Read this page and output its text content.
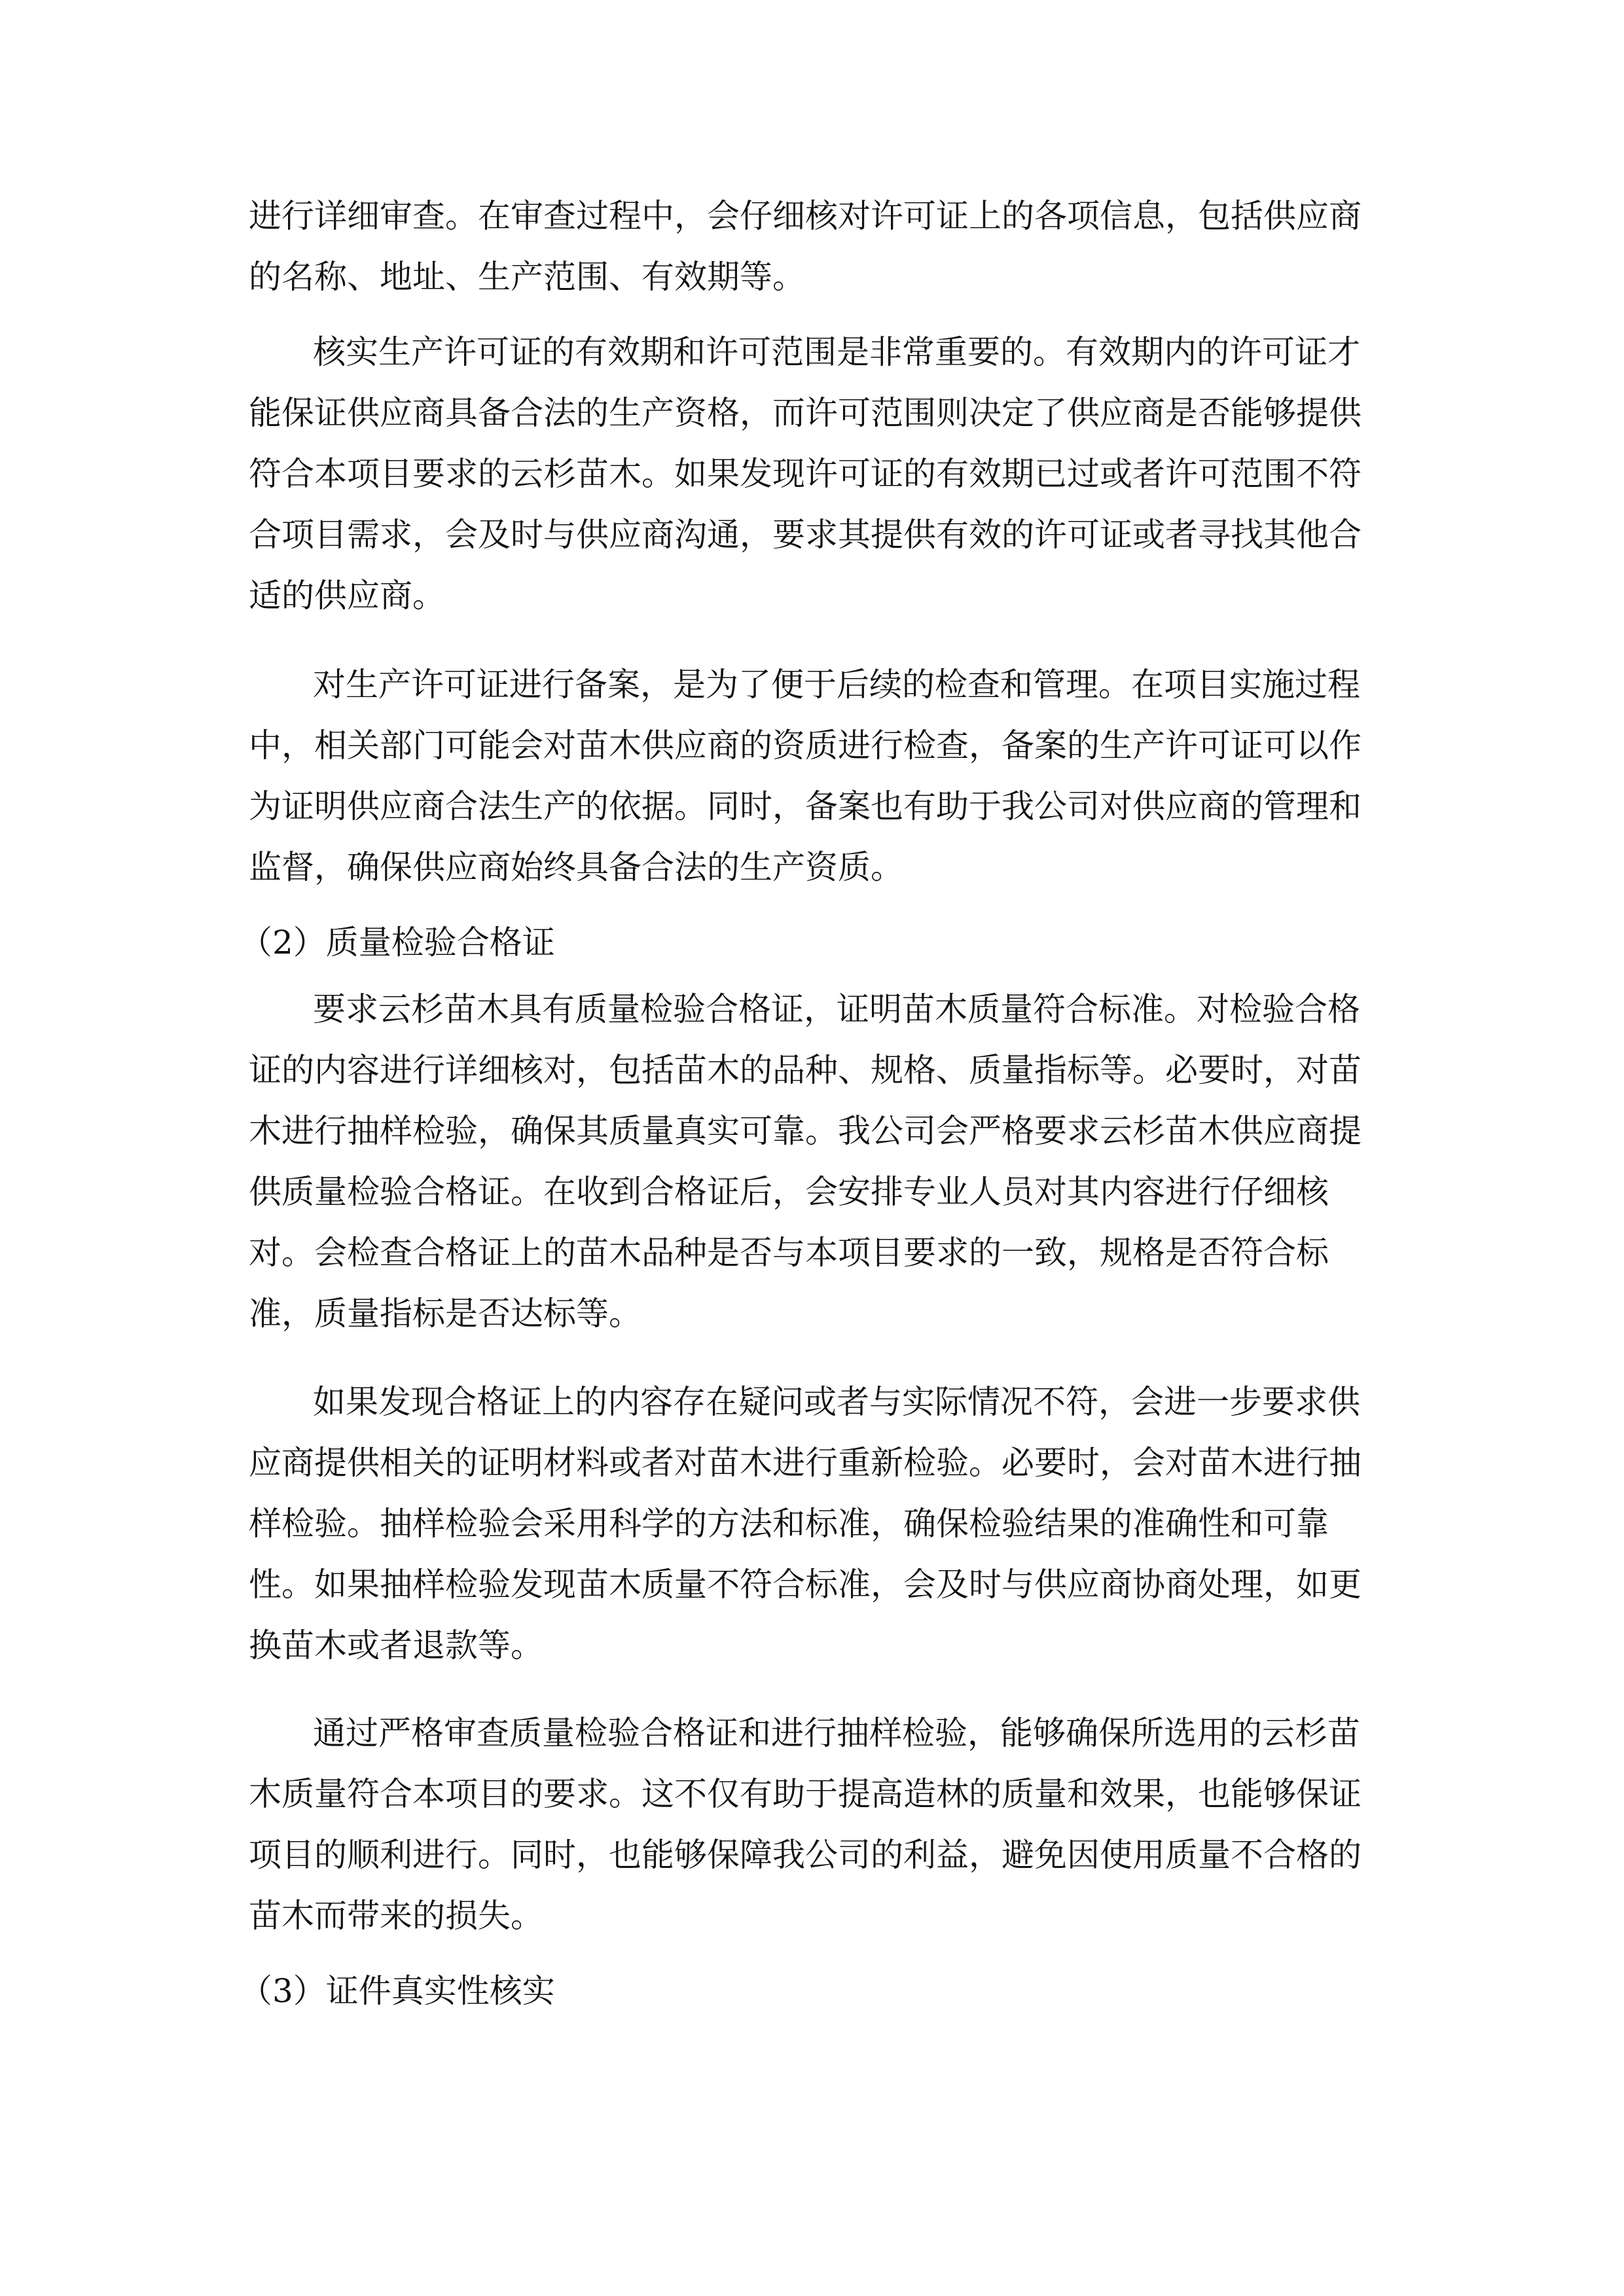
进行详细审查。在审查过程中，会仔细核对许可证上的各项信息，包括供应商
的名称、地址、生产范围、有效期等。
核实生产许可证的有效期和许可范围是非常重要的。有效期内的许可证才
能保证供应商具备合法的生产资格，而许可范围则决定了供应商是否能够提供
符合本项目要求的云杉苗木。如果发现许可证的有效期已过或者许可范围不符
合项目需求，会及时与供应商沟通，要求其提供有效的许可证或者寻找其他合
适的供应商。
对生产许可证进行备案，是为了便于后续的检查和管理。在项目实施过程
中，相关部门可能会对苗木供应商的资质进行检查，备案的生产许可证可以作
为证明供应商合法生产的依据。同时，备案也有助于我公司对供应商的管理和
监督，确保供应商始终具备合法的生产资质。
（2）质量检验合格证
要求云杉苗木具有质量检验合格证，证明苗木质量符合标准。对检验合格
证的内容进行详细核对，包括苗木的品种、规格、质量指标等。必要时，对苗
木进行抽样检验，确保其质量真实可靠。我公司会严格要求云杉苗木供应商提
供质量检验合格证。在收到合格证后，会安排专业人员对其内容进行仔细核
对。会检查合格证上的苗木品种是否与本项目要求的一致，规格是否符合标
准，质量指标是否达标等。
如果发现合格证上的内容存在疑问或者与实际情况不符，会进一步要求供
应商提供相关的证明材料或者对苗木进行重新检验。必要时，会对苗木进行抽
样检验。抽样检验会采用科学的方法和标准，确保检验结果的准确性和可靠
性。如果抽样检验发现苗木质量不符合标准，会及时与供应商协商处理，如更
换苗木或者退款等。
通过严格审查质量检验合格证和进行抽样检验，能够确保所选用的云杉苗
木质量符合本项目的要求。这不仅有助于提高造林的质量和效果，也能够保证
项目的顺利进行。同时，也能够保障我公司的利益，避免因使用质量不合格的
苗木而带来的损失。
（3）证件真实性核实
